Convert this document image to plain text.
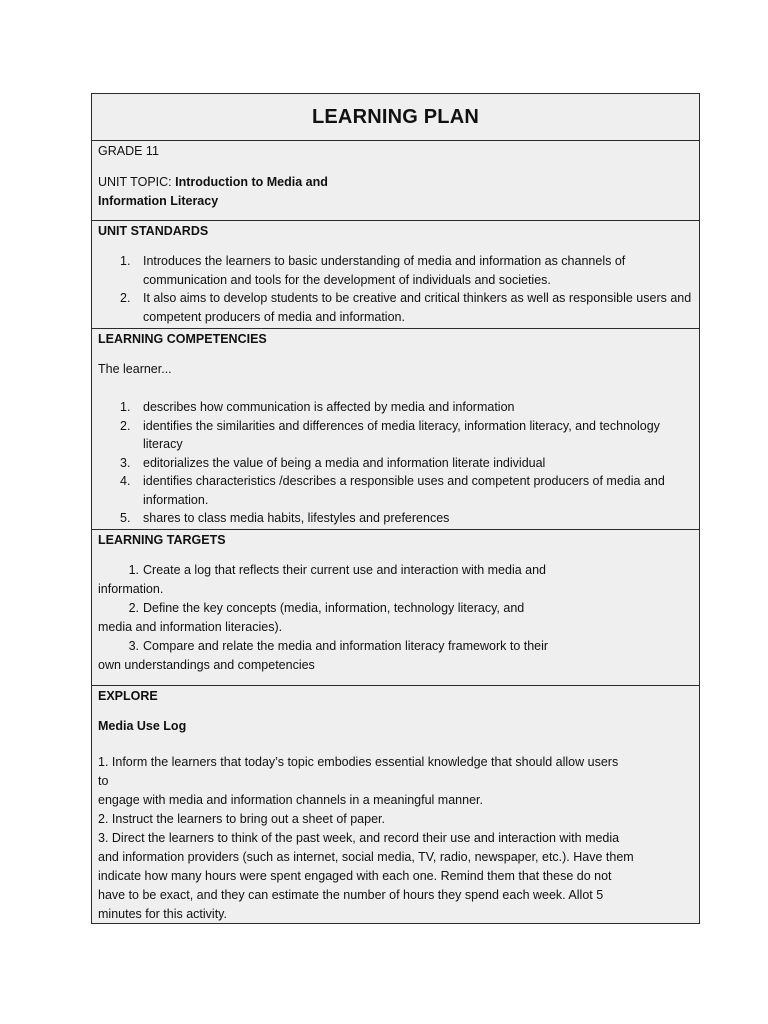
LEARNING PLAN

GRADE 11

UNIT TOPIC: Introduction to Media and

Information Literacy

UNIT STANDARDS

1. Introduces the learners to basic understanding of media and information as channels of communication and tools for the development of individuals and societies.
2. It also aims to develop students to be creative and critical thinkers as well as responsible users and competent producers of media and information.

LEARNING COMPETENCIES

The learner...

1. describes how communication is affected by media and information
2. identifies the similarities and differences of media literacy, information literacy, and technology literacy
3. editorializes the value of being a media and information literate individual
4. identifies characteristics /describes a responsible uses and competent producers of media and information.
5. shares to class media habits, lifestyles and preferences

LEARNING TARGETS

1. Create a log that reflects their current use and interaction with media and

information.

2. Define the key concepts (media, information, technology literacy, and

media and information literacies).

3. Compare and relate the media and information literacy framework to their

own understandings and competencies

EXPLORE

Media Use Log

1. Inform the learners that today’s topic embodies essential knowledge that should allow users

to

engage with media and information channels in a meaningful manner.

2. Instruct the learners to bring out a sheet of paper.

3. Direct the learners to think of the past week, and record their use and interaction with media

and information providers (such as internet, social media, TV, radio, newspaper, etc.). Have them

indicate how many hours were spent engaged with each one. Remind them that these do not

have to be exact, and they can estimate the number of hours they spend each week. Allot 5

minutes for this activity.
